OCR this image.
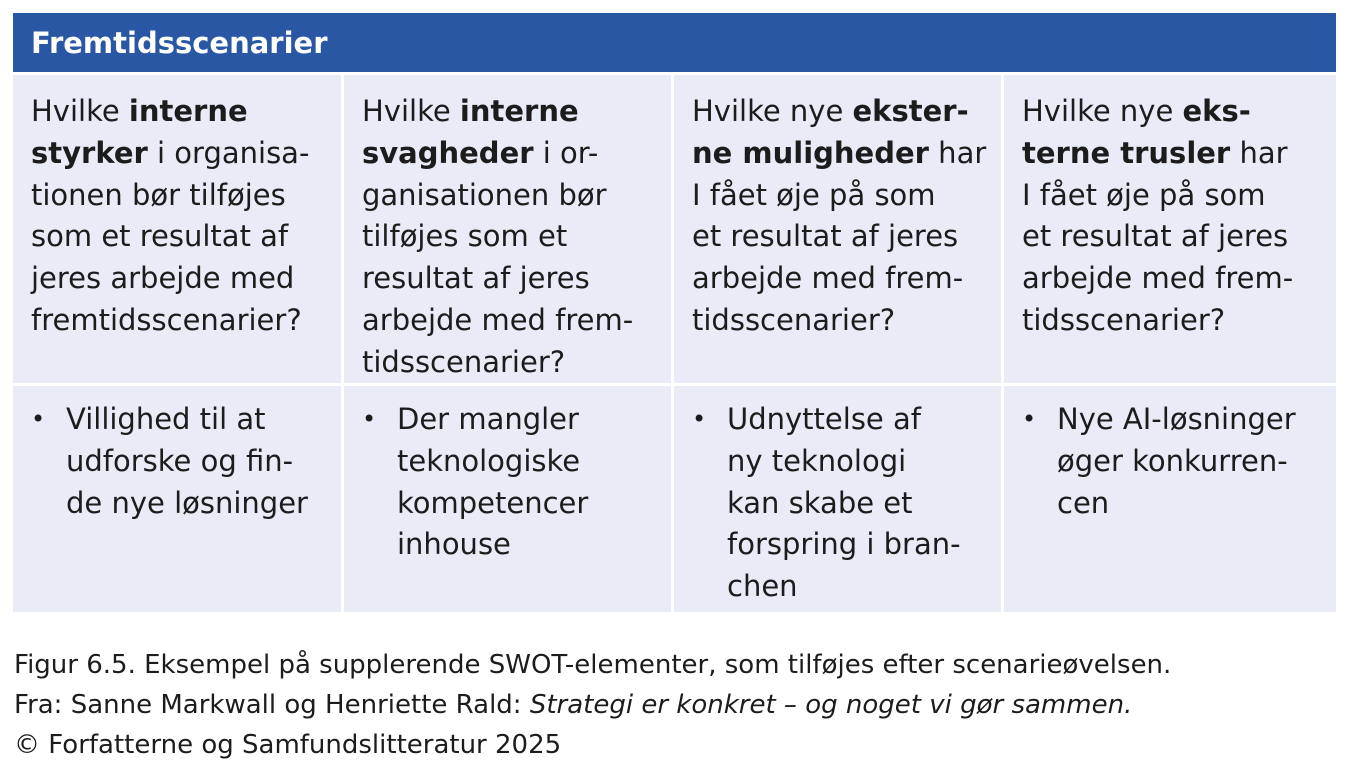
Fremtidsscenarier
Hvilke interne
styrker i organisa-
tionen bør tilføjes
som et resultat af
jeres arbejde med
fremtidsscenarier?
Hvilke interne
svagheder i or-
ganisationen bør
tilføjes som et
resultat af jeres
arbejde med frem-
tidsscenarier?
Hvilke nye ekster-
ne muligheder har
I fået øje på som
et resultat af jeres
arbejde med frem-
tidsscenarier?
Hvilke nye eks-
terne trusler har
I fået øje på som
et resultat af jeres
arbejde med frem-
tidsscenarier?
• Villighed til at
udforske og fin-
de nye løsninger
• Der mangler
teknologiske
kompetencer
inhouse
• Udnyttelse af
ny teknologi
kan skabe et
forspring i bran-
chen
• Nye AI-løsninger
øger konkurren-
cen
Figur 6.5. Eksempel på supplerende SWOT-elementer, som tilføjes efter scenarieøvelsen.
Fra: Sanne Markwall og Henriette Rald: Strategi er konkret – og noget vi gør sammen.
© Forfatterne og Samfundslitteratur 2025
